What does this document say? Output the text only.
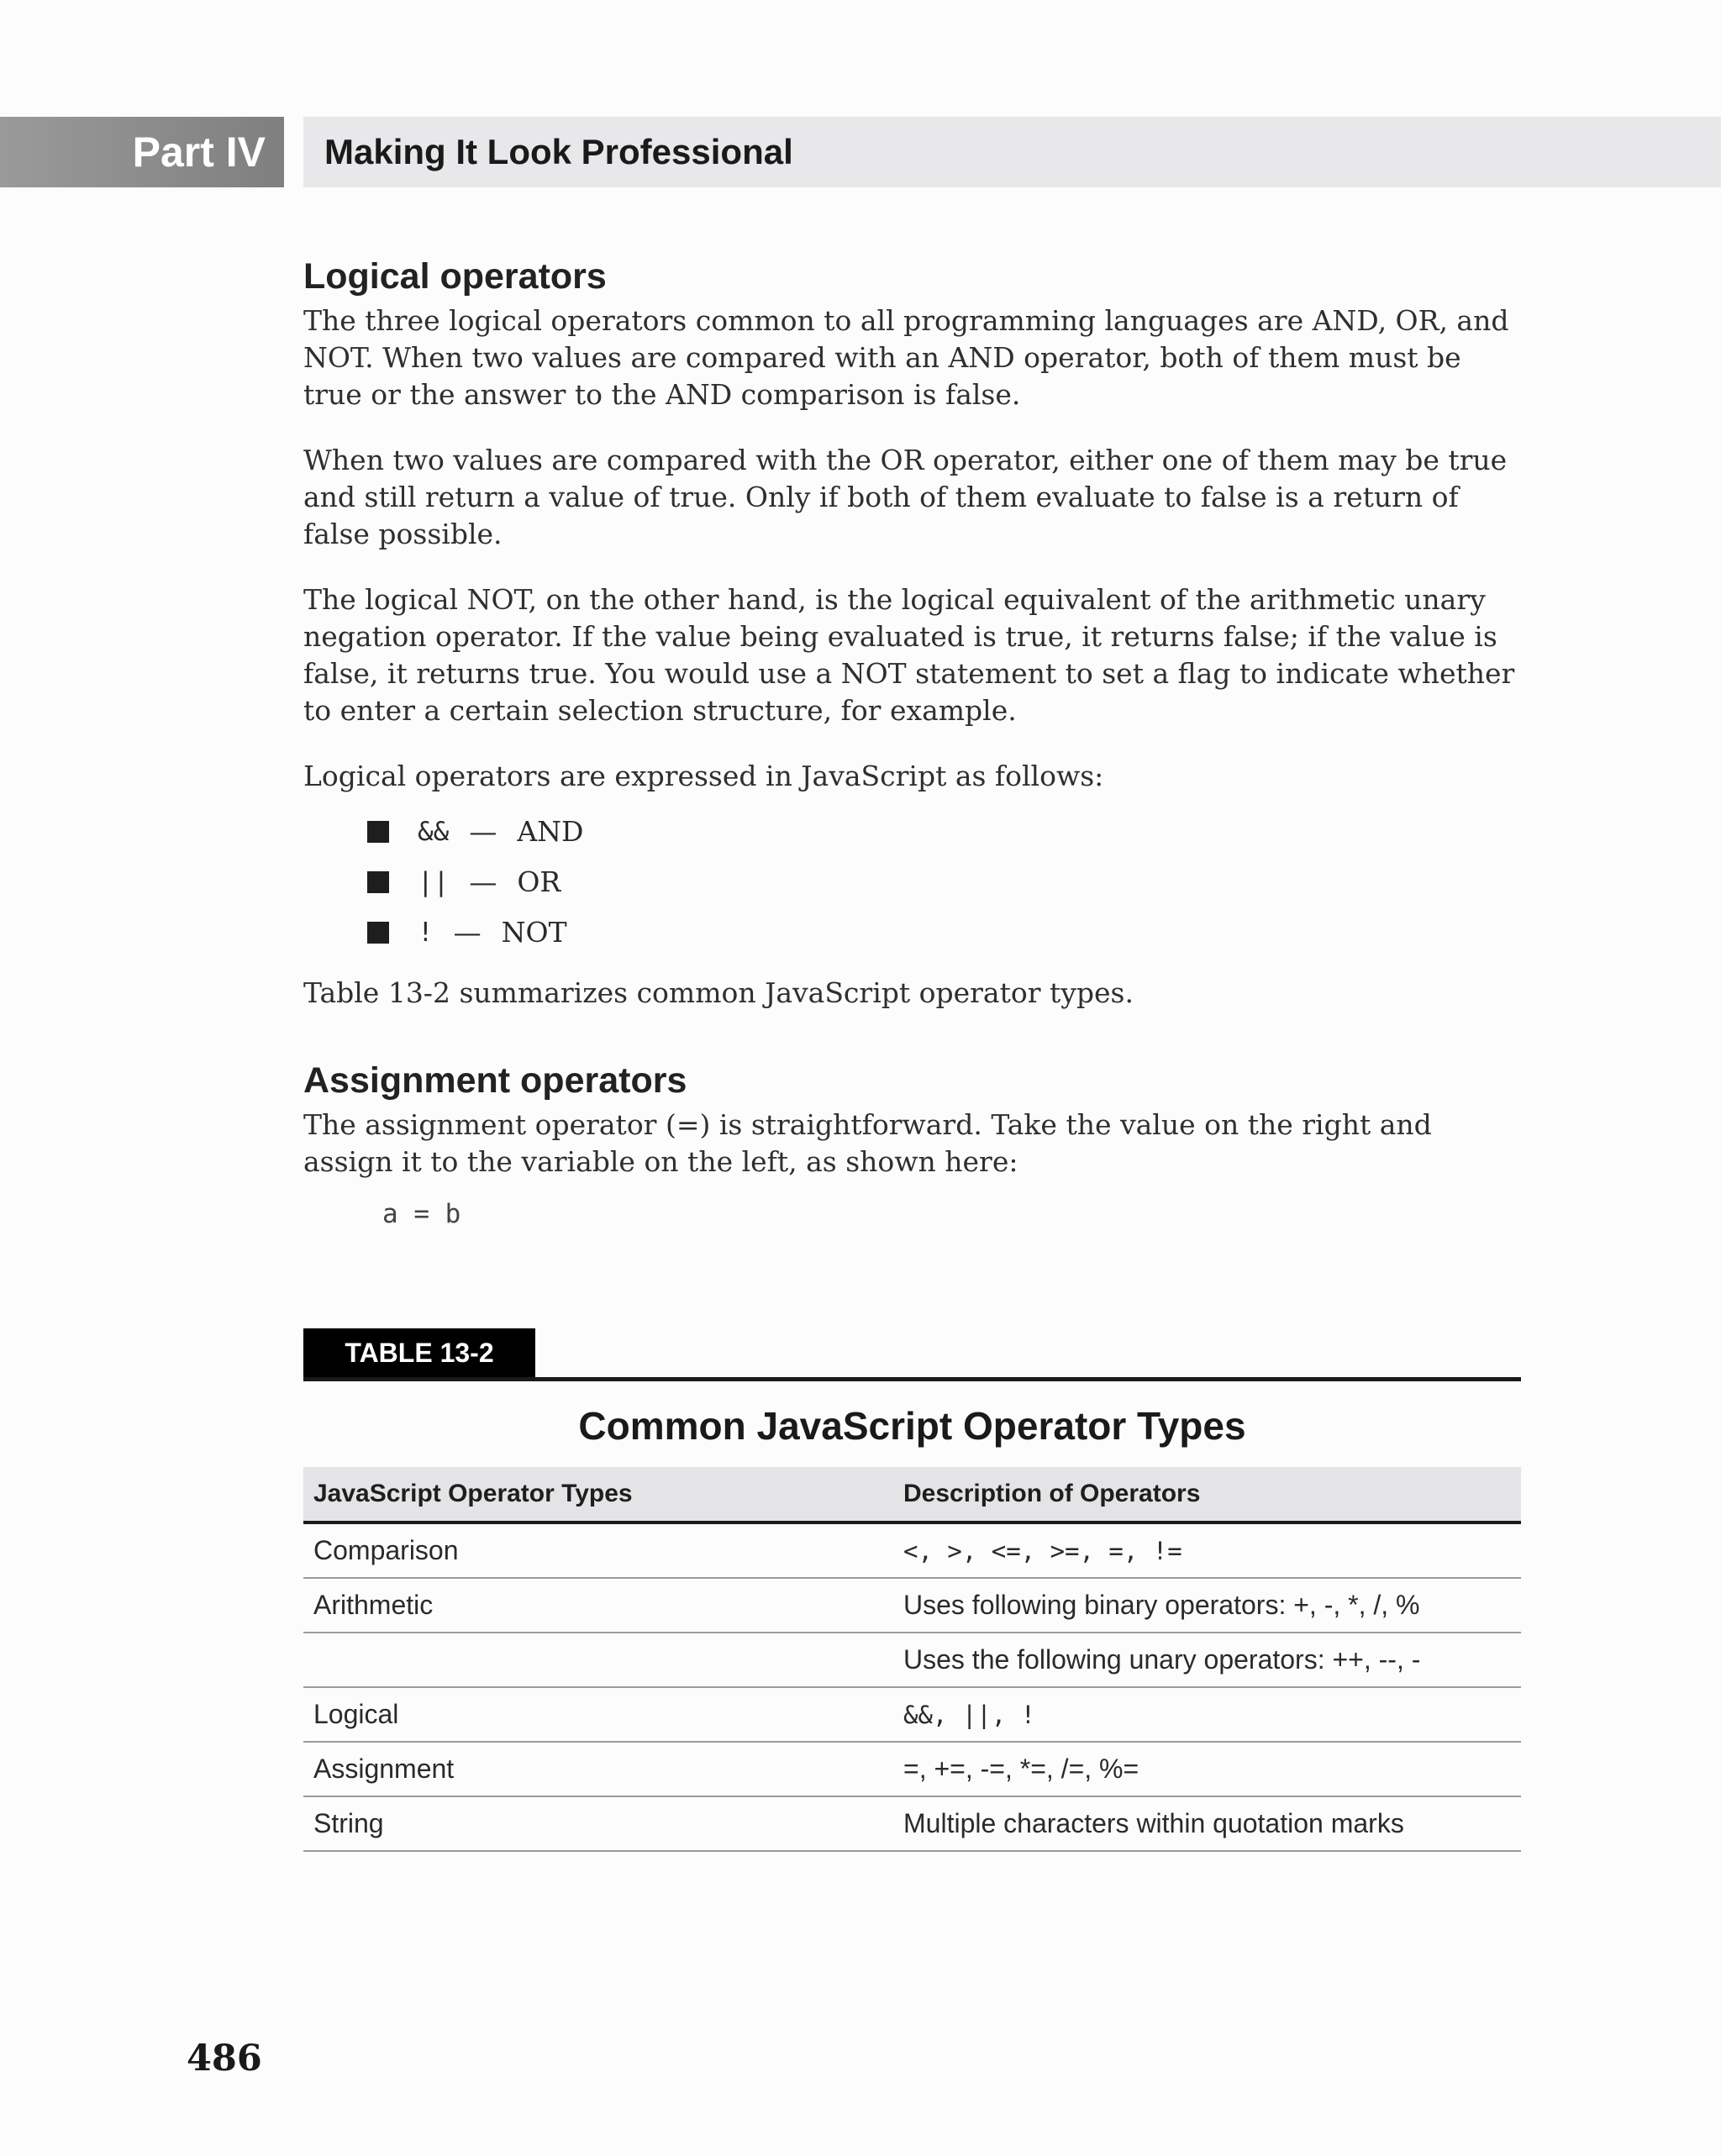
Part IV Making It Look Professional
Logical operators

The three logical operators common to all programming languages are AND, OR, and NOT. When two values are compared with an AND operator, both of them must be true or the answer to the AND comparison is false.

When two values are compared with the OR operator, either one of them may be true and still return a value of true. Only if both of them evaluate to false is a return of false possible.

The logical NOT, on the other hand, is the logical equivalent of the arithmetic unary negation operator. If the value being evaluated is true, it returns false; if the value is false, it returns true. You would use a NOT statement to set a flag to indicate whether to enter a certain selection structure, for example.

Logical operators are expressed in JavaScript as follows:

&& — AND
|| — OR
! — NOT

Table 13-2 summarizes common JavaScript operator types.

Assignment operators

The assignment operator (=) is straightforward. Take the value on the right and assign it to the variable on the left, as shown here:

a = b
TABLE 13-2
Common JavaScript Operator Types
JavaScript Operator Types	Description of Operators
Comparison	<, >, <=, >=, =, !=
Arithmetic	Uses following binary operators: +, -, *, /, %
	Uses the following unary operators: ++, --, -
Logical	&&, ||, !
Assignment	=, +=, -=, *=, /=, %=
String	Multiple characters within quotation marks
486
